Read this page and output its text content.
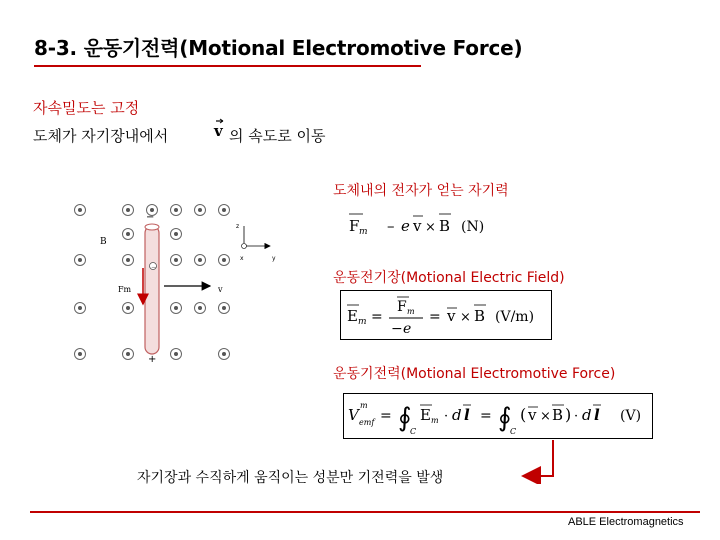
8-3. 운동기전력(Motional Electromotive Force)
자속밀도는 고정
도체가 자기장내에서	v 의 속도로 이동
−
B
Fm	v
−
+
z
x	y
도체내의 전자가 얻는 자기력
F m – e v × B (N)
운동전기장(Motional Electric Field)
E m =
F m
− e
= v × B (V/m)
운동기전력(Motional Electromotive Force)
V
m
emf = ∮
C
E m · d l = ∮
C
( v × B ) · d l (V)
자기장과 수직하게 움직이는 성분만 기전력을 발생
ABLE Electromagnetics
